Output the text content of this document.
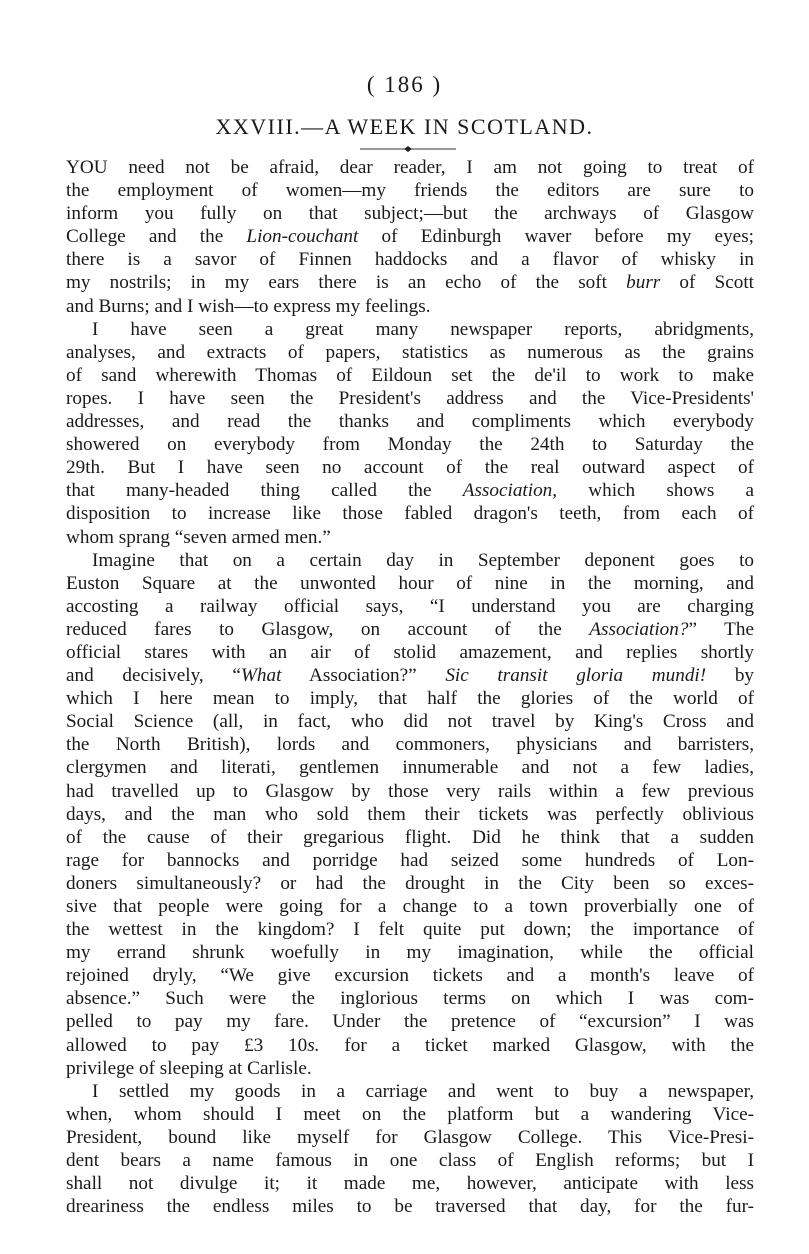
( 186 )
XXVIII.—A WEEK IN SCOTLAND.
YOU need not be afraid, dear reader, I am not going to treat of
the employment of women—my friends the editors are sure to
inform you fully on that subject;—but the archways of Glasgow
College and the Lion-couchant of Edinburgh waver before my eyes;
there is a savor of Finnen haddocks and a flavor of whisky in
my nostrils; in my ears there is an echo of the soft burr of Scott
and Burns; and I wish—to express my feelings.
I have seen a great many newspaper reports, abridgments,
analyses, and extracts of papers, statistics as numerous as the grains
of sand wherewith Thomas of Eildoun set the de'il to work to make
ropes. I have seen the President's address and the Vice-Presidents'
addresses, and read the thanks and compliments which everybody
showered on everybody from Monday the 24th to Saturday the
29th. But I have seen no account of the real outward aspect of
that many-headed thing called the Association, which shows a
disposition to increase like those fabled dragon's teeth, from each of
whom sprang “seven armed men.”
Imagine that on a certain day in September deponent goes to
Euston Square at the unwonted hour of nine in the morning, and
accosting a railway official says, “I understand you are charging
reduced fares to Glasgow, on account of the Association?” The
official stares with an air of stolid amazement, and replies shortly
and decisively, “What Association?” Sic transit gloria mundi! by
which I here mean to imply, that half the glories of the world of
Social Science (all, in fact, who did not travel by King's Cross and
the North British), lords and commoners, physicians and barristers,
clergymen and literati, gentlemen innumerable and not a few ladies,
had travelled up to Glasgow by those very rails within a few previous
days, and the man who sold them their tickets was perfectly oblivious
of the cause of their gregarious flight. Did he think that a sudden
rage for bannocks and porridge had seized some hundreds of Lon-
doners simultaneously? or had the drought in the City been so exces-
sive that people were going for a change to a town proverbially one of
the wettest in the kingdom? I felt quite put down; the importance of
my errand shrunk woefully in my imagination, while the official
rejoined dryly, “We give excursion tickets and a month's leave of
absence.” Such were the inglorious terms on which I was com-
pelled to pay my fare. Under the pretence of “excursion” I was
allowed to pay £3 10s. for a ticket marked Glasgow, with the
privilege of sleeping at Carlisle.
I settled my goods in a carriage and went to buy a newspaper,
when, whom should I meet on the platform but a wandering Vice-
President, bound like myself for Glasgow College. This Vice-Presi-
dent bears a name famous in one class of English reforms; but I
shall not divulge it; it made me, however, anticipate with less
dreariness the endless miles to be traversed that day, for the fur-
